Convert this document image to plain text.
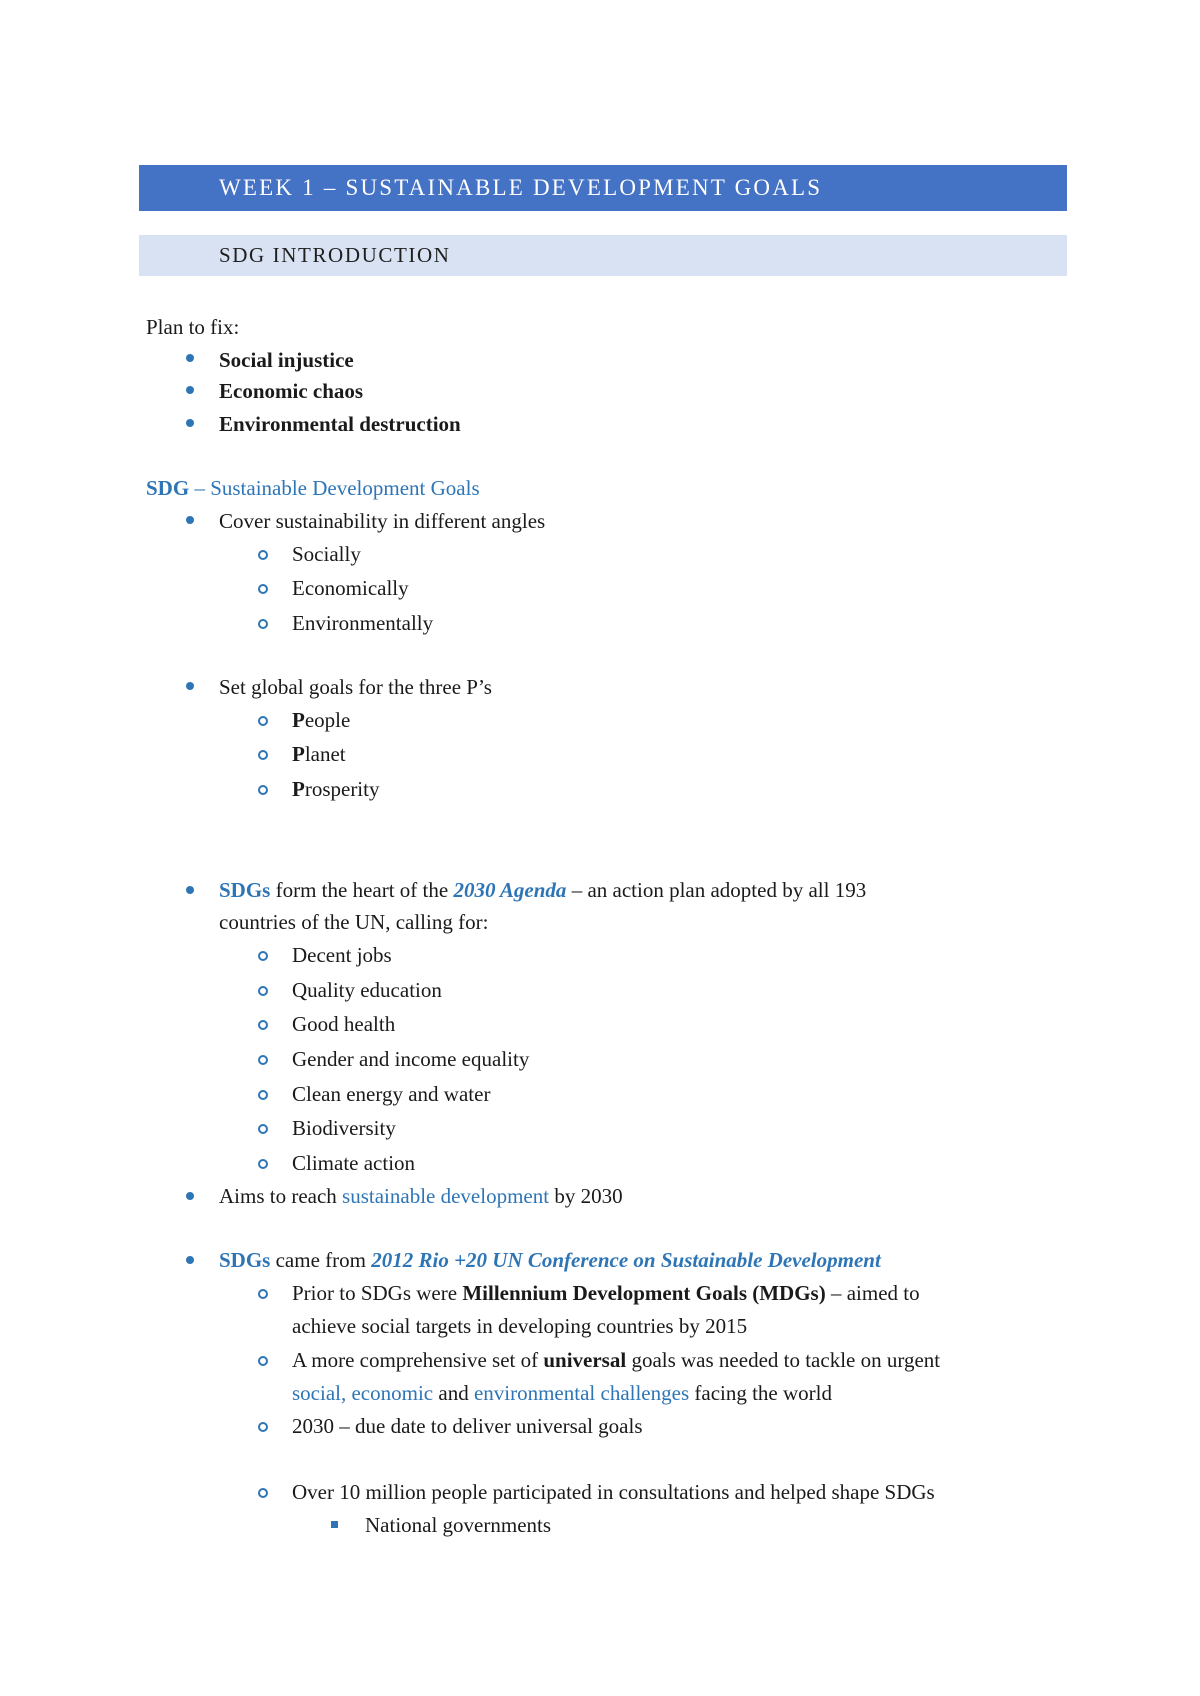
WEEK 1 – SUSTAINABLE DEVELOPMENT GOALS
SDG INTRODUCTION
Plan to fix:
Social injustice
Economic chaos
Environmental destruction
SDG – Sustainable Development Goals
Cover sustainability in different angles
Socially
Economically
Environmentally
Set global goals for the three P’s
People
Planet
Prosperity
SDGs form the heart of the 2030 Agenda – an action plan adopted by all 193
countries of the UN, calling for:
Decent jobs
Quality education
Good health
Gender and income equality
Clean energy and water
Biodiversity
Climate action
Aims to reach sustainable development by 2030
SDGs came from 2012 Rio +20 UN Conference on Sustainable Development
Prior to SDGs were Millennium Development Goals (MDGs) – aimed to
achieve social targets in developing countries by 2015
A more comprehensive set of universal goals was needed to tackle on urgent
social, economic and environmental challenges facing the world
2030 – due date to deliver universal goals
Over 10 million people participated in consultations and helped shape SDGs
National governments
